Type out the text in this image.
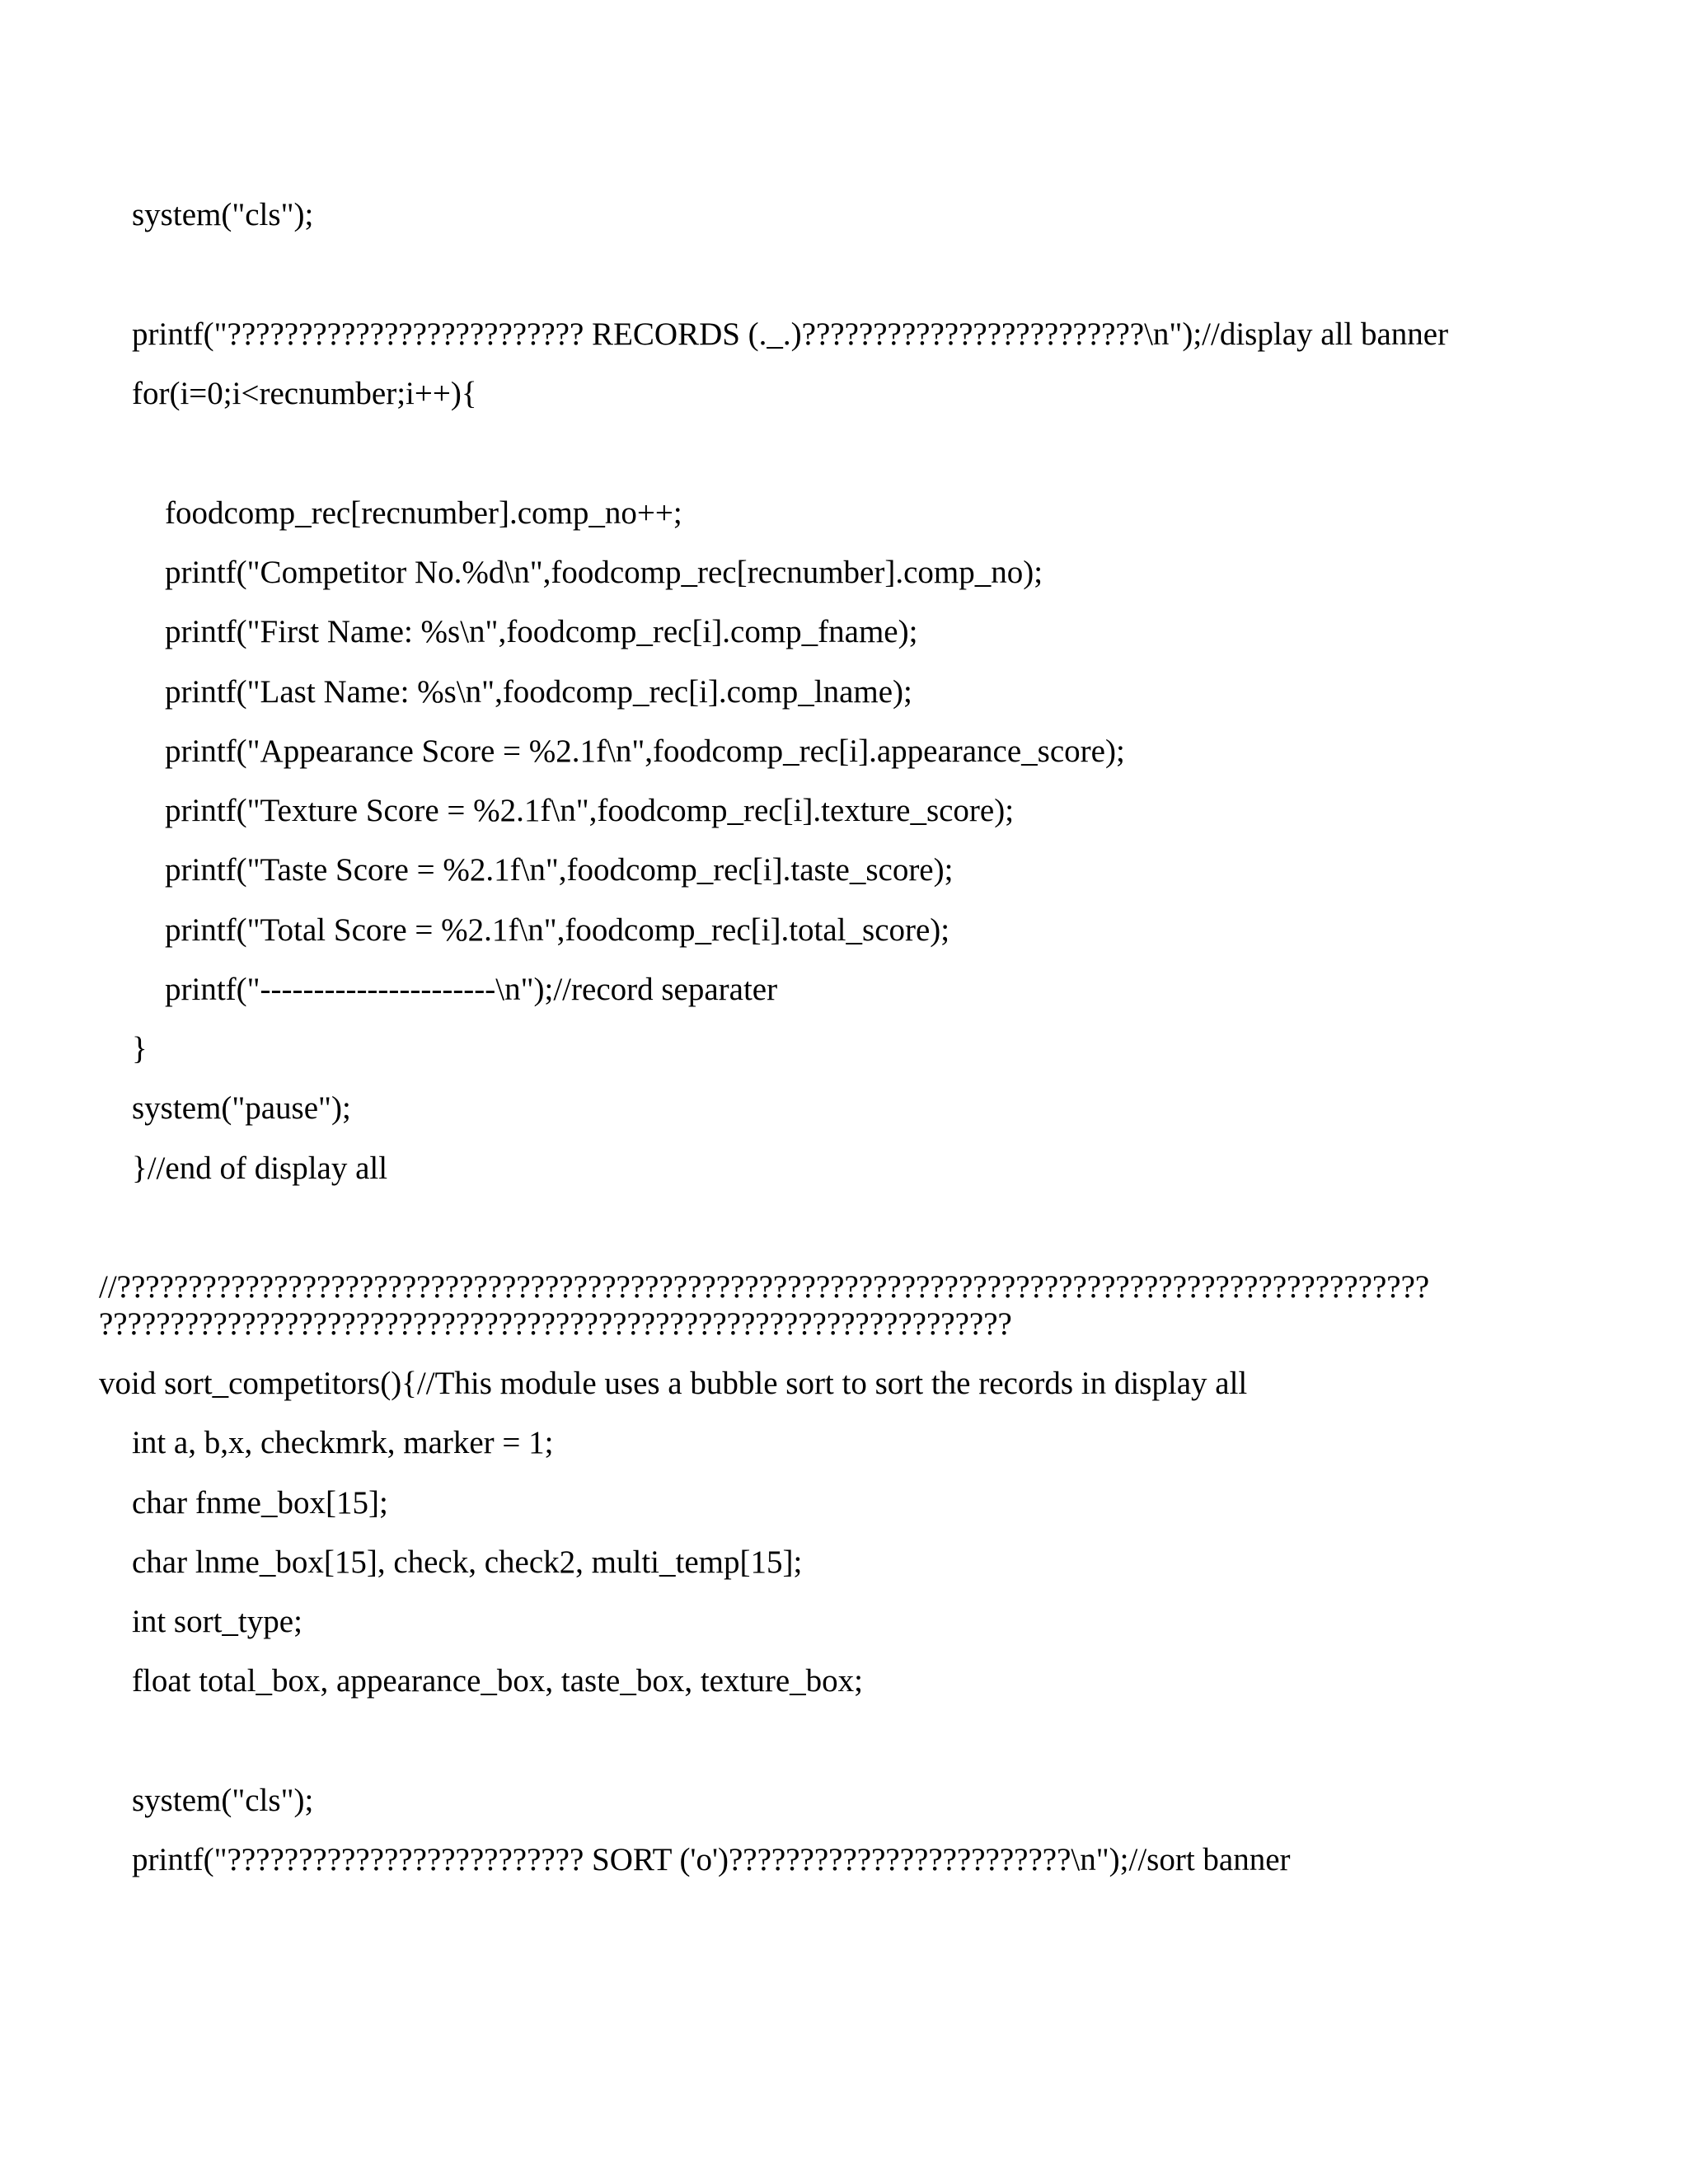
system("cls");

printf("????????????????????????? RECORDS (._.)????????????????????????\n");//display all banner

for(i=0;i<recnumber;i++){

foodcomp_rec[recnumber].comp_no++;

printf("Competitor No.%d\n",foodcomp_rec[recnumber].comp_no);

printf("First Name: %s\n",foodcomp_rec[i].comp_fname);

printf("Last Name: %s\n",foodcomp_rec[i].comp_lname);

printf("Appearance Score = %2.1f\n",foodcomp_rec[i].appearance_score);

printf("Texture Score = %2.1f\n",foodcomp_rec[i].texture_score);

printf("Taste Score = %2.1f\n",foodcomp_rec[i].taste_score);

printf("Total Score = %2.1f\n",foodcomp_rec[i].total_score);

printf("----------------------\n");//record separater

}

system("pause");

}//end of display all

//????????????????????????????????????????????????????????????????????????????????????????????

????????????????????????????????????????????????????????????????

void sort_competitors(){//This module uses a bubble sort to sort the records in display all

int a, b,x, checkmrk, marker = 1;

char fnme_box[15];

char lnme_box[15], check, check2, multi_temp[15];

int sort_type;

float total_box, appearance_box, taste_box, texture_box;

system("cls");

printf("????????????????????????? SORT ('o')????????????????????????\n");//sort banner
